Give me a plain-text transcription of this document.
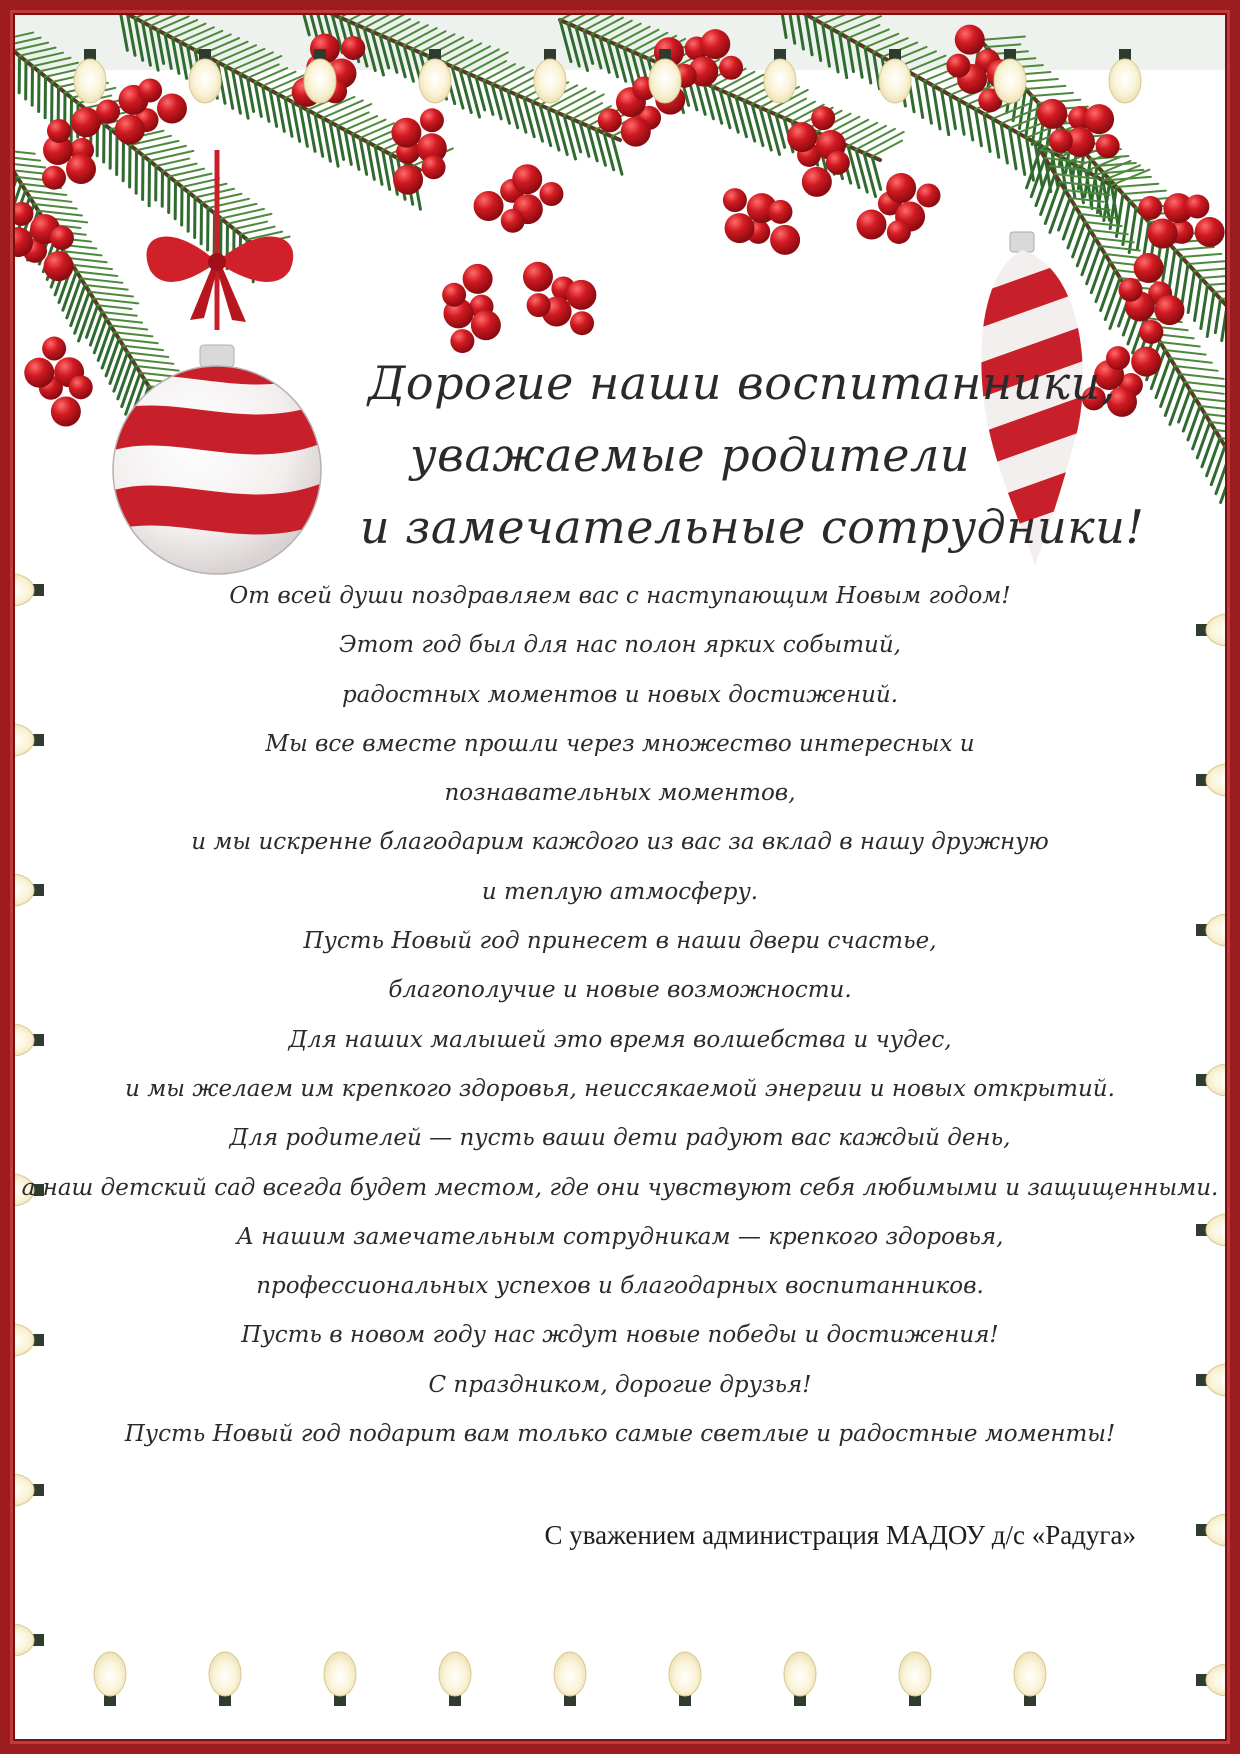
Дорогие наши воспитанники,
уважаемые родители
и замечательные сотрудники!
От всей души поздравляем вас с наступающим Новым годом!
Этот год был для нас полон ярких событий,
радостных моментов и новых достижений.
Мы все вместе прошли через множество интересных и
познавательных моментов,
и мы искренне благодарим каждого из вас за вклад в нашу дружную
и теплую атмосферу.
Пусть Новый год принесет в наши двери счастье,
благополучие и новые возможности.
Для наших малышей это время волшебства и чудес,
и мы желаем им крепкого здоровья, неиссякаемой энергии и новых открытий.
Для родителей — пусть ваши дети радуют вас каждый день,
а наш детский сад всегда будет местом, где они чувствуют себя любимыми и защищенными.
А нашим замечательным сотрудникам — крепкого здоровья,
профессиональных успехов и благодарных воспитанников.
Пусть в новом году нас ждут новые победы и достижения!
С праздником, дорогие друзья!
Пусть Новый год подарит вам только самые светлые и радостные моменты!
С уважением администрация МАДОУ д/с «Радуга»
